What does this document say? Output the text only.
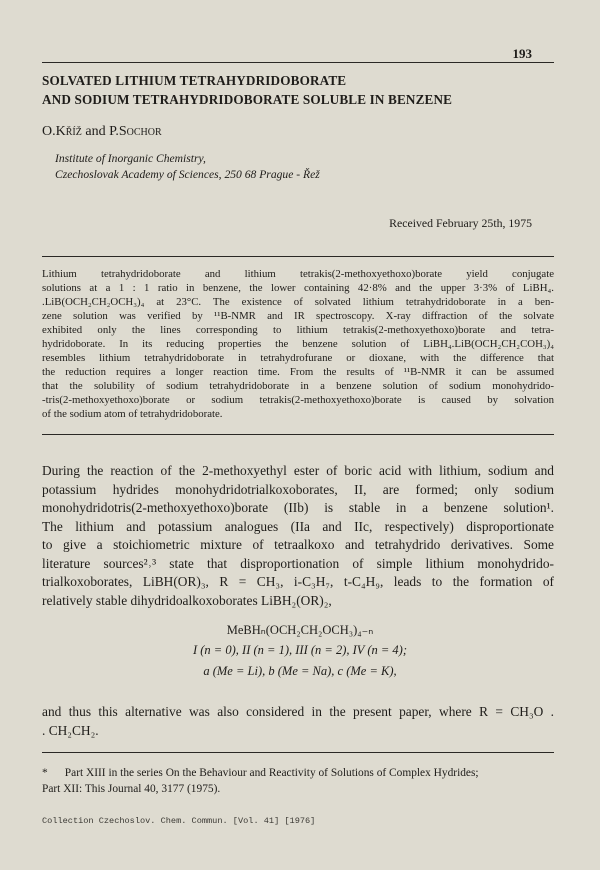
193
SOLVATED LITHIUM TETRAHYDRIDOBORATE
AND SODIUM TETRAHYDRIDOBORATE SOLUBLE IN BENZENE
O.Kříž and P.Sochor
Institute of Inorganic Chemistry,
Czechoslovak Academy of Sciences, 250 68 Prague - Řež
Received February 25th, 1975
Lithium tetrahydridoborate and lithium tetrakis(2-methoxyethoxo)borate yield conjugate
solutions at a 1 : 1 ratio in benzene, the lower containing 42·8% and the upper 3·3% of LiBH₄.
.LiB(OCH₂CH₂OCH₃)₄ at 23°C. The existence of solvated lithium tetrahydridoborate in a ben-
zene solution was verified by ¹¹B-NMR and IR spectroscopy. X-ray diffraction of the solvate
exhibited only the lines corresponding to lithium tetrakis(2-methoxyethoxo)borate and tetra-
hydridoborate. In its reducing properties the benzene solution of LiBH₄.LiB(OCH₂CH₂COH₃)₄
resembles lithium tetrahydridoborate in tetrahydrofurane or dioxane, with the difference that
the reduction requires a longer reaction time. From the results of ¹¹B-NMR it can be assumed
that the solubility of sodium tetrahydridoborate in a benzene solution of sodium monohydrido-
-tris(2-methoxyethoxo)borate or sodium tetrakis(2-methoxyethoxo)borate is caused by solvation
of the sodium atom of tetrahydridoborate.
During the reaction of the 2-methoxyethyl ester of boric acid with lithium, sodium and
potassium hydrides monohydridotrialkoxoborates, II, are formed; only sodium
monohydridotris(2-methoxyethoxo)borate (IIb) is stable in a benzene solution¹.
The lithium and potassium analogues (IIa and IIc, respectively) disproportionate
to give a stoichiometric mixture of tetraalkoxo and tetrahydrido derivatives. Some
literature sources²˒³ state that disproportionation of simple lithium monohydrido-
trialkoxoborates, LiBH(OR)₃, R = CH₃, i-C₃H₇, t-C₄H₉, leads to the formation of
relatively stable dihydridoalkoxoborates LiBH₂(OR)₂,
MeBHₙ(OCH₂CH₂OCH₃)₄₋ₙ
I (n = 0), II (n = 1), III (n = 2), IV (n = 4);
a (Me = Li), b (Me = Na), c (Me = K),
and thus this alternative was also considered in the present paper, where R = CH₃O .
. CH₂CH₂.
* Part XIII in the series On the Behaviour and Reactivity of Solutions of Complex Hydrides;
Part XII: This Journal 40, 3177 (1975).
Collection Czechoslov. Chem. Commun. [Vol. 41] [1976]
